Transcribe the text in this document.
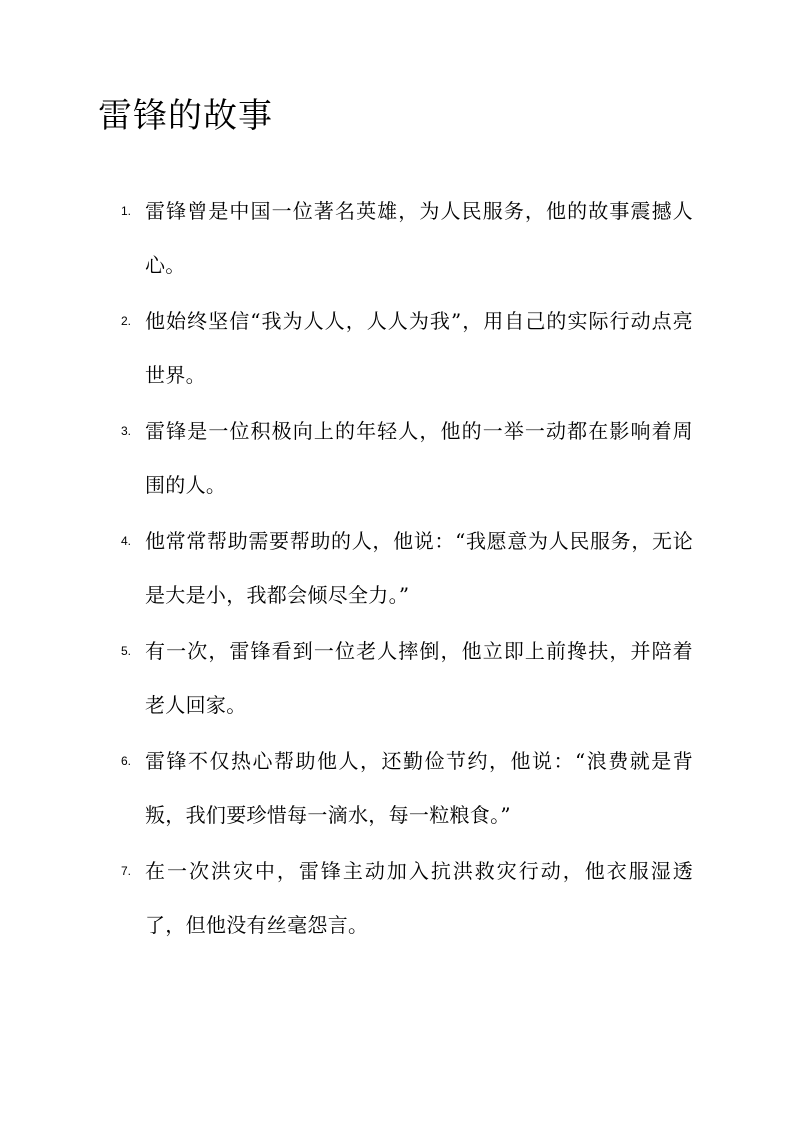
雷锋的故事
1. 雷锋曾是中国一位著名英雄，为人民服务，他的故事震撼人心。
2. 他始终坚信“我为人人，人人为我”，用自己的实际行动点亮世界。
3. 雷锋是一位积极向上的年轻人，他的一举一动都在影响着周围的人。
4. 他常常帮助需要帮助的人，他说：“我愿意为人民服务，无论是大是小，我都会倾尽全力。”
5. 有一次，雷锋看到一位老人摔倒，他立即上前搀扶，并陪着老人回家。
6. 雷锋不仅热心帮助他人，还勤俭节约，他说：“浪费就是背叛，我们要珍惜每一滴水，每一粒粮食。”
7. 在一次洪灾中，雷锋主动加入抗洪救灾行动，他衣服湿透了，但他没有丝毫怨言。
